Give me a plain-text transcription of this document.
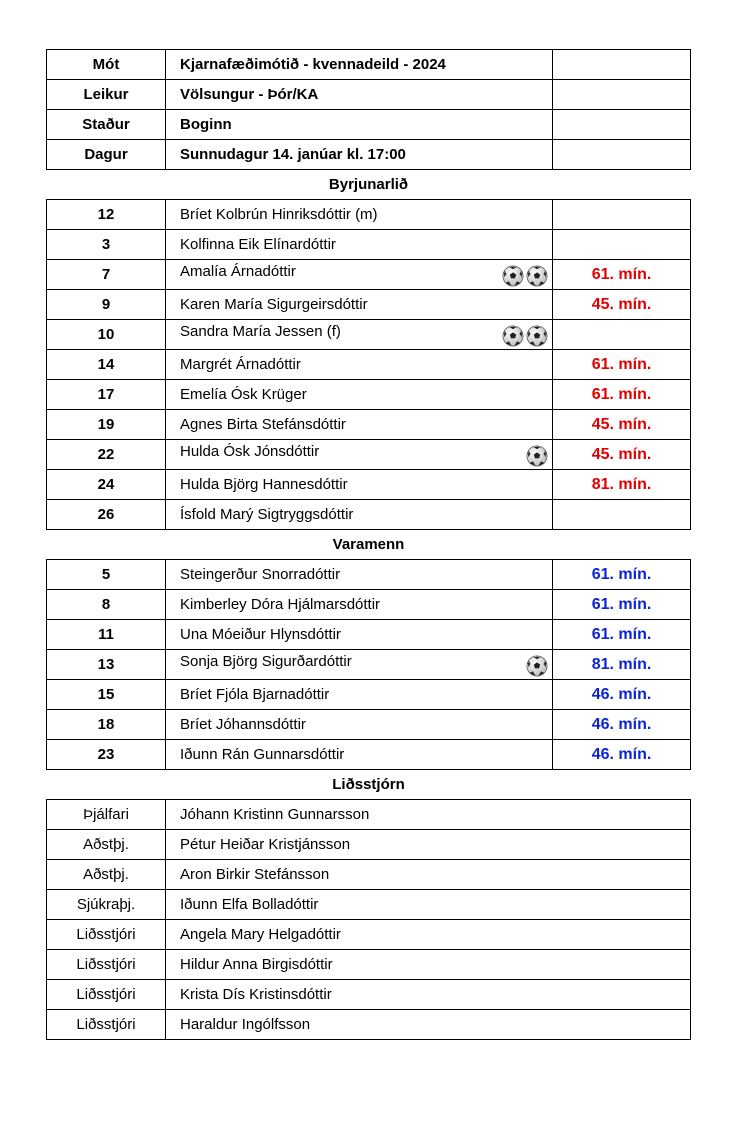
Mót	Kjarnafæðimótið - kvennadeild - 2024	
Leikur	Völsungur - Þór/KA	
Staður	Boginn	
Dagur	Sunnudagur 14. janúar kl. 17:00	
Byrjunarlið		
12	Bríet Kolbrún Hinriksdóttir (m)	
3	Kolfinna Eik Elínardóttir	
7	Amalía Árnadóttir	61. mín.
9	Karen María Sigurgeirsdóttir	45. mín.
10	Sandra María Jessen (f)

14	Margrét Árnadóttir	61. mín.
17	Emelía Ósk Krüger	61. mín.
19	Agnes Birta Stefánsdóttir	45. mín.
22	Hulda Ósk Jónsdóttir	45. mín.
24	Hulda Björg Hannesdóttir	81. mín.
26	Ísfold Marý Sigtryggsdóttir	
Varamenn		
5	Steingerður Snorradóttir	61. mín.
8	Kimberley Dóra Hjálmarsdóttir	61. mín.
11	Una Móeiður Hlynsdóttir	61. mín.
13	Sonja Björg Sigurðardóttir	81. mín.
15	Bríet Fjóla Bjarnadóttir	46. mín.
18	Bríet Jóhannsdóttir	46. mín.
23	Iðunn Rán Gunnarsdóttir	46. mín.
Liðsstjórn		
Þjálfari	Jóhann Kristinn Gunnarsson	
Aðstþj.	Pétur Heiðar Kristjánsson	
Aðstþj.	Aron Birkir Stefánsson	
Sjúkraþj.	Iðunn Elfa Bolladóttir	
Liðsstjóri	Angela Mary Helgadóttir	
Liðsstjóri	Hildur Anna Birgisdóttir	
Liðsstjóri	Krista Dís Kristinsdóttir	
Liðsstjóri	Haraldur Ingólfsson	
